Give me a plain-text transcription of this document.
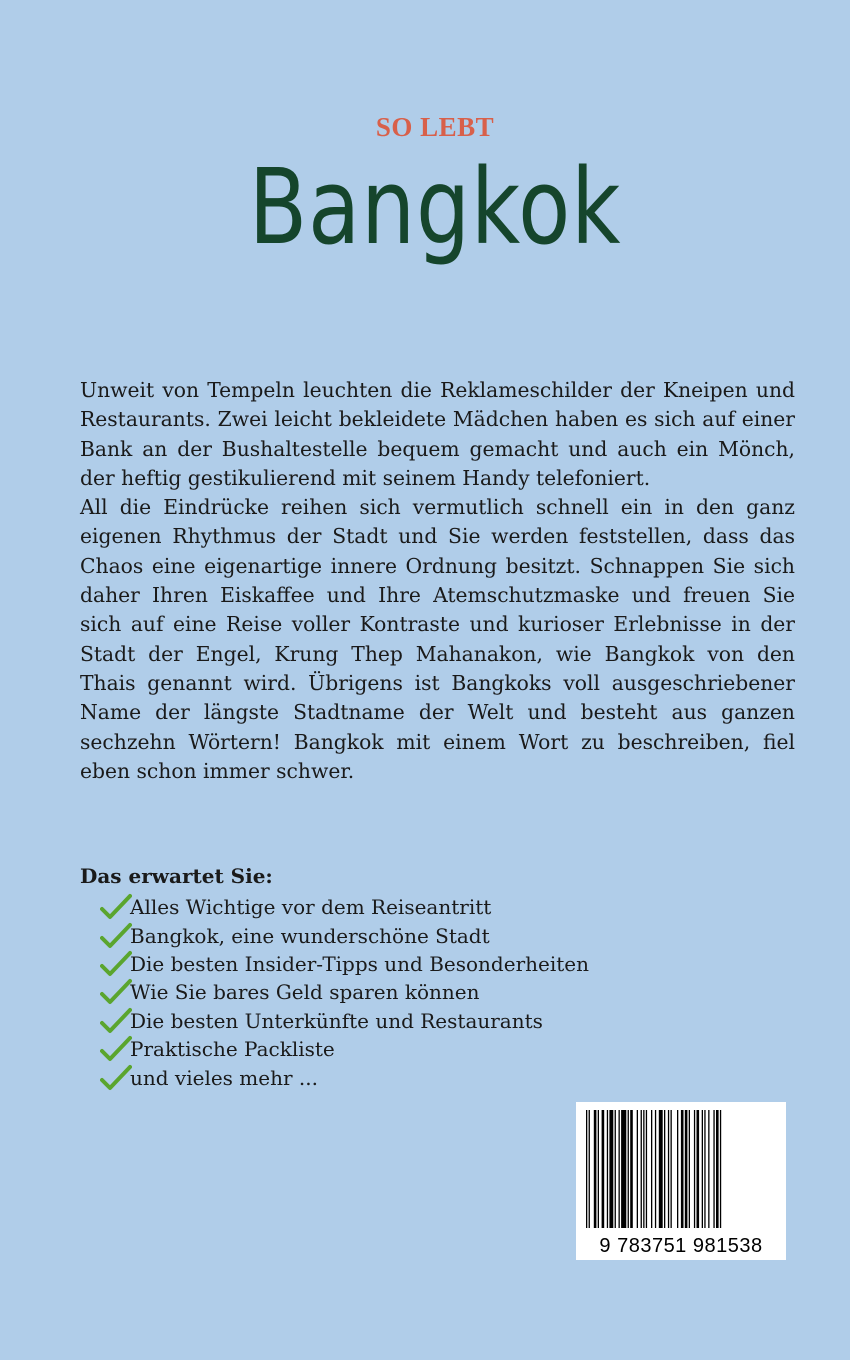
SO LEBT
Bangkok

Unweit von Tempeln leuchten die Reklameschilder der Kneipen und Restaurants. Zwei leicht bekleidete Mädchen haben es sich auf einer Bank an der Bushaltestelle bequem gemacht und auch ein Mönch, der heftig gestikulierend mit seinem Handy telefoniert.

All die Eindrücke reihen sich vermutlich schnell ein in den ganz eigenen Rhythmus der Stadt und Sie werden feststellen, dass das Chaos eine eigenartige innere Ordnung besitzt. Schnappen Sie sich daher Ihren Eiskaffee und Ihre Atemschutzmaske und freuen Sie sich auf eine Reise voller Kontraste und kurioser Erlebnisse in der Stadt der Engel, Krung Thep Mahanakon, wie Bangkok von den Thais genannt wird. Übrigens ist Bangkoks voll ausgeschriebener Name der längste Stadtname der Welt und besteht aus ganzen sechzehn Wörtern! Bangkok mit einem Wort zu beschreiben, fiel eben schon immer schwer.

Das erwartet Sie:
Alles Wichtige vor dem Reiseantritt
Bangkok, eine wunderschöne Stadt
Die besten Insider-Tipps und Besonderheiten
Wie Sie bares Geld sparen können
Die besten Unterkünfte und Restaurants
Praktische Packliste
und vieles mehr ...
9 783751 981538
